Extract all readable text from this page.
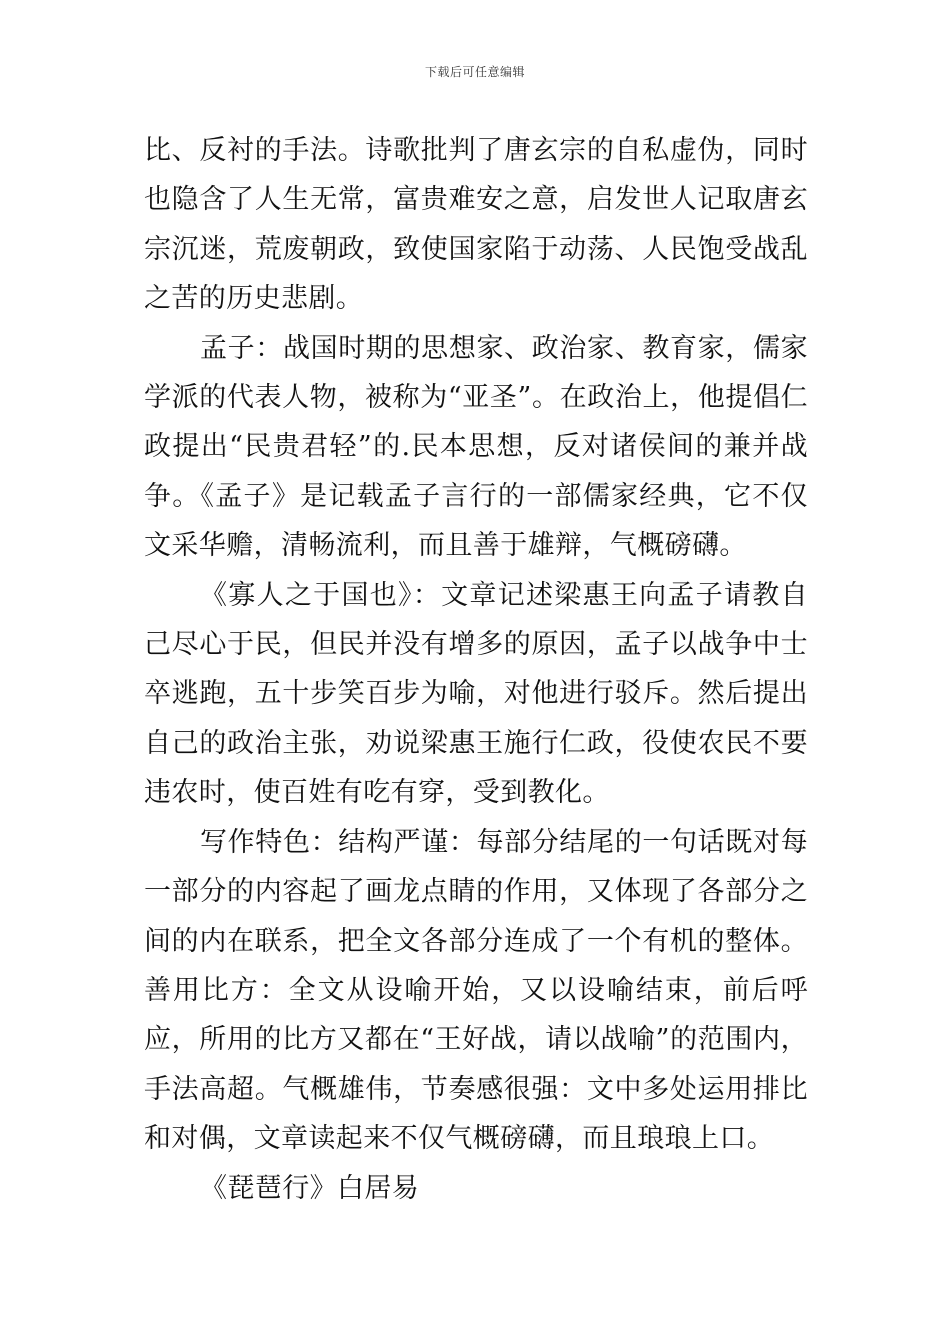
下载后可任意编辑

比、反衬的手法。诗歌批判了唐玄宗的自私虚伪，同时也隐含了人生无常，富贵难安之意，启发世人记取唐玄宗沉迷，荒废朝政，致使国家陷于动荡、人民饱受战乱之苦的历史悲剧。

孟子：战国时期的思想家、政治家、教育家，儒家学派的代表人物，被称为“亚圣”。在政治上，他提倡仁政提出“民贵君轻”的.民本思想，反对诸侯间的兼并战争。《孟子》是记载孟子言行的一部儒家经典，它不仅文采华赡，清畅流利，而且善于雄辩，气概磅礴。

《寡人之于国也》：文章记述梁惠王向孟子请教自己尽心于民，但民并没有增多的原因，孟子以战争中士卒逃跑，五十步笑百步为喻，对他进行驳斥。然后提出自己的政治主张，劝说梁惠王施行仁政，役使农民不要违农时，使百姓有吃有穿，受到教化。

写作特色：结构严谨：每部分结尾的一句话既对每一部分的内容起了画龙点睛的作用，又体现了各部分之间的内在联系，把全文各部分连成了一个有机的整体。善用比方：全文从设喻开始，又以设喻结束，前后呼应，所用的比方又都在“王好战，请以战喻”的范围内，手法高超。气概雄伟，节奏感很强：文中多处运用排比和对偶，文章读起来不仅气概磅礴，而且琅琅上口。

《琵琶行》白居易
